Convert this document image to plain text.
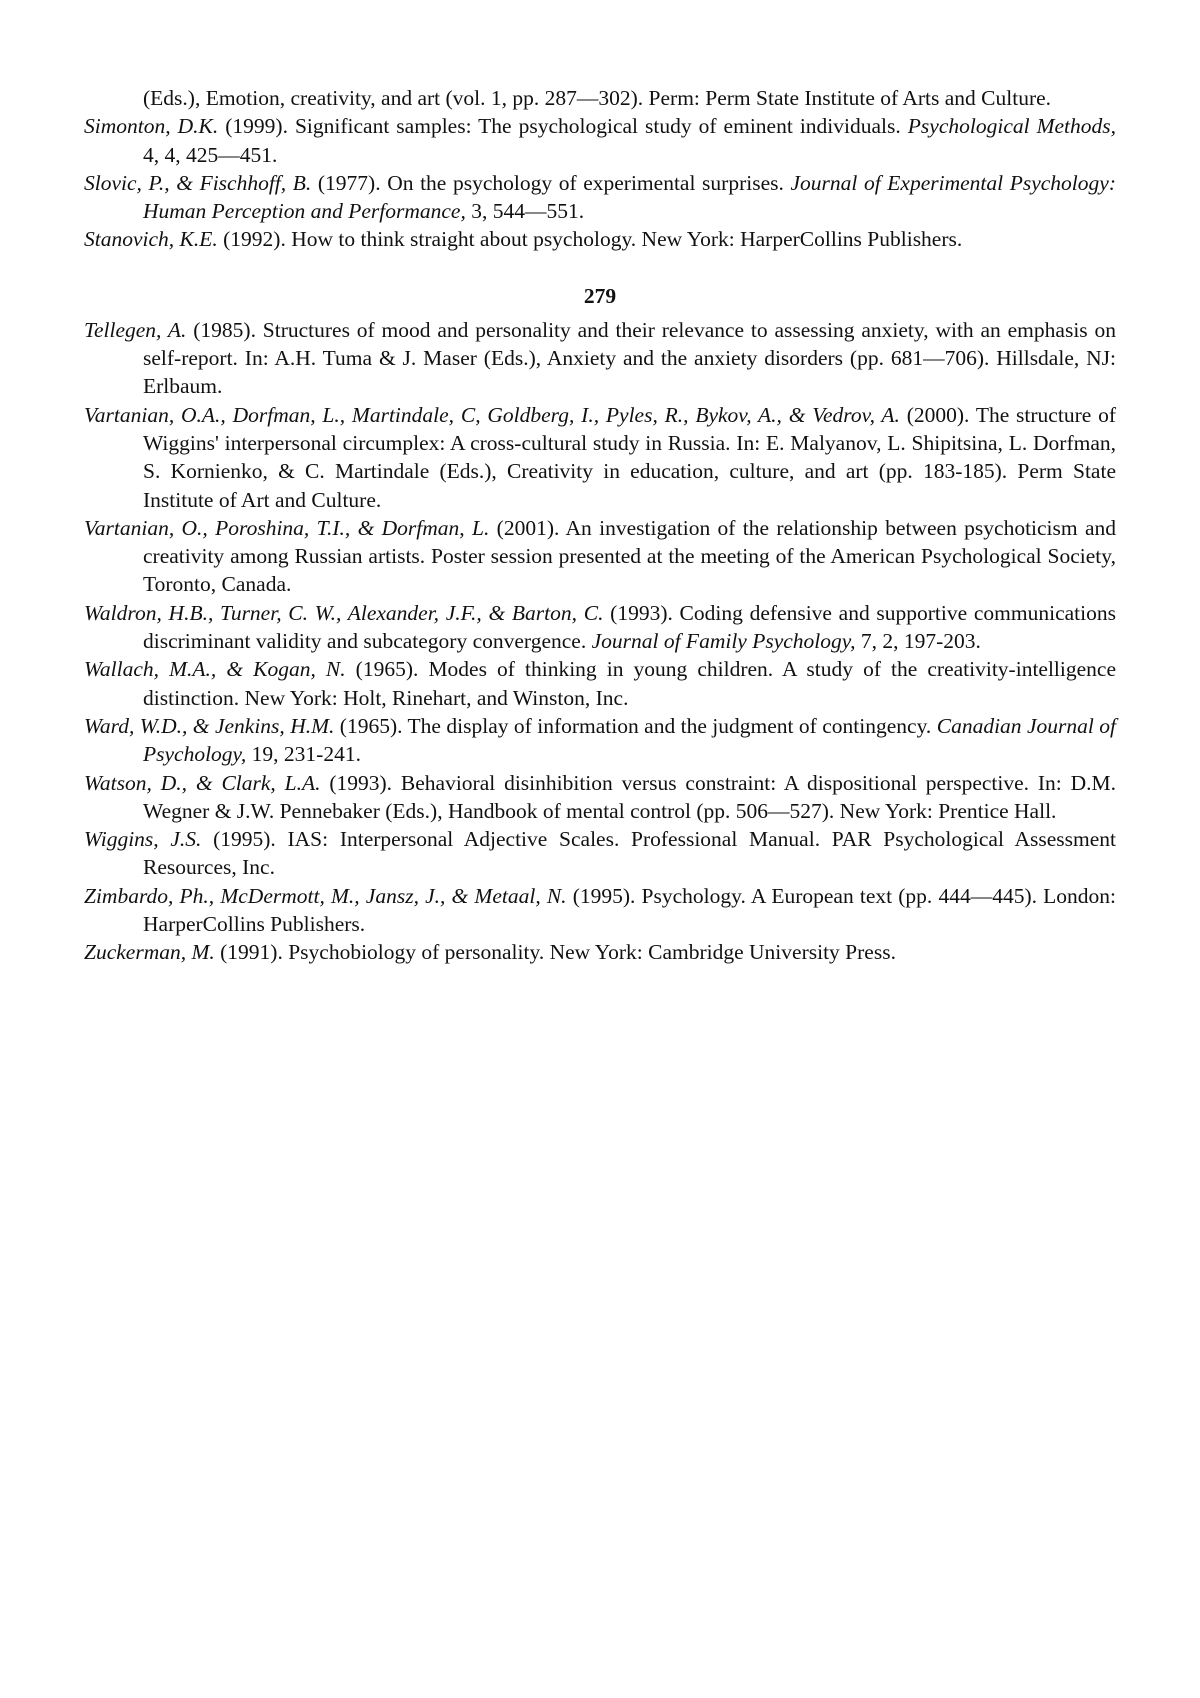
(Eds.), Emotion, creativity, and art (vol. 1, pp. 287—302). Perm: Perm State Institute of Arts and Culture.

Simonton, D.K. (1999). Significant samples: The psychological study of eminent individuals. Psychological Methods, 4, 4, 425—451.

Slovic, P., & Fischhoff, B. (1977). On the psychology of experimental surprises. Journal of Experimental Psychology: Human Perception and Performance, 3, 544—551.

Stanovich, K.E. (1992). How to think straight about psychology. New York: HarperCollins Publishers.

279

Tellegen, A. (1985). Structures of mood and personality and their relevance to assessing anxiety, with an emphasis on self-report. In: A.H. Tuma & J. Maser (Eds.), Anxiety and the anxiety disorders (pp. 681—706). Hillsdale, NJ: Erlbaum.

Vartanian, O.A., Dorfman, L., Martindale, C, Goldberg, I., Pyles, R., Bykov, A., & Vedrov, A. (2000). The structure of Wiggins' interpersonal circumplex: A cross-cultural study in Russia. In: E. Malyanov, L. Shipitsina, L. Dorfman, S. Kornienko, & C. Martindale (Eds.), Creativity in education, culture, and art (pp. 183-185). Perm State Institute of Art and Culture.

Vartanian, O., Poroshina, T.I., & Dorfman, L. (2001). An investigation of the relationship between psychoticism and creativity among Russian artists. Poster session presented at the meeting of the American Psychological Society, Toronto, Canada.

Waldron, H.B., Turner, C. W., Alexander, J.F., & Barton, C. (1993). Coding defensive and supportive communications discriminant validity and subcategory convergence. Journal of Family Psychology, 7, 2, 197-203.

Wallach, M.A., & Kogan, N. (1965). Modes of thinking in young children. A study of the creativity-intelligence distinction. New York: Holt, Rinehart, and Winston, Inc.

Ward, W.D., & Jenkins, H.M. (1965). The display of information and the judgment of contingency. Canadian Journal of Psychology, 19, 231-241.

Watson, D., & Clark, L.A. (1993). Behavioral disinhibition versus constraint: A dispositional perspective. In: D.M. Wegner & J.W. Pennebaker (Eds.), Handbook of mental control (pp. 506—527). New York: Prentice Hall.

Wiggins, J.S. (1995). IAS: Interpersonal Adjective Scales. Professional Manual. PAR Psychological Assessment Resources, Inc.

Zimbardo, Ph., McDermott, M., Jansz, J., & Metaal, N. (1995). Psychology. A European text (pp. 444—445). London: HarperCollins Publishers.

Zuckerman, M. (1991). Psychobiology of personality. New York: Cambridge University Press.
